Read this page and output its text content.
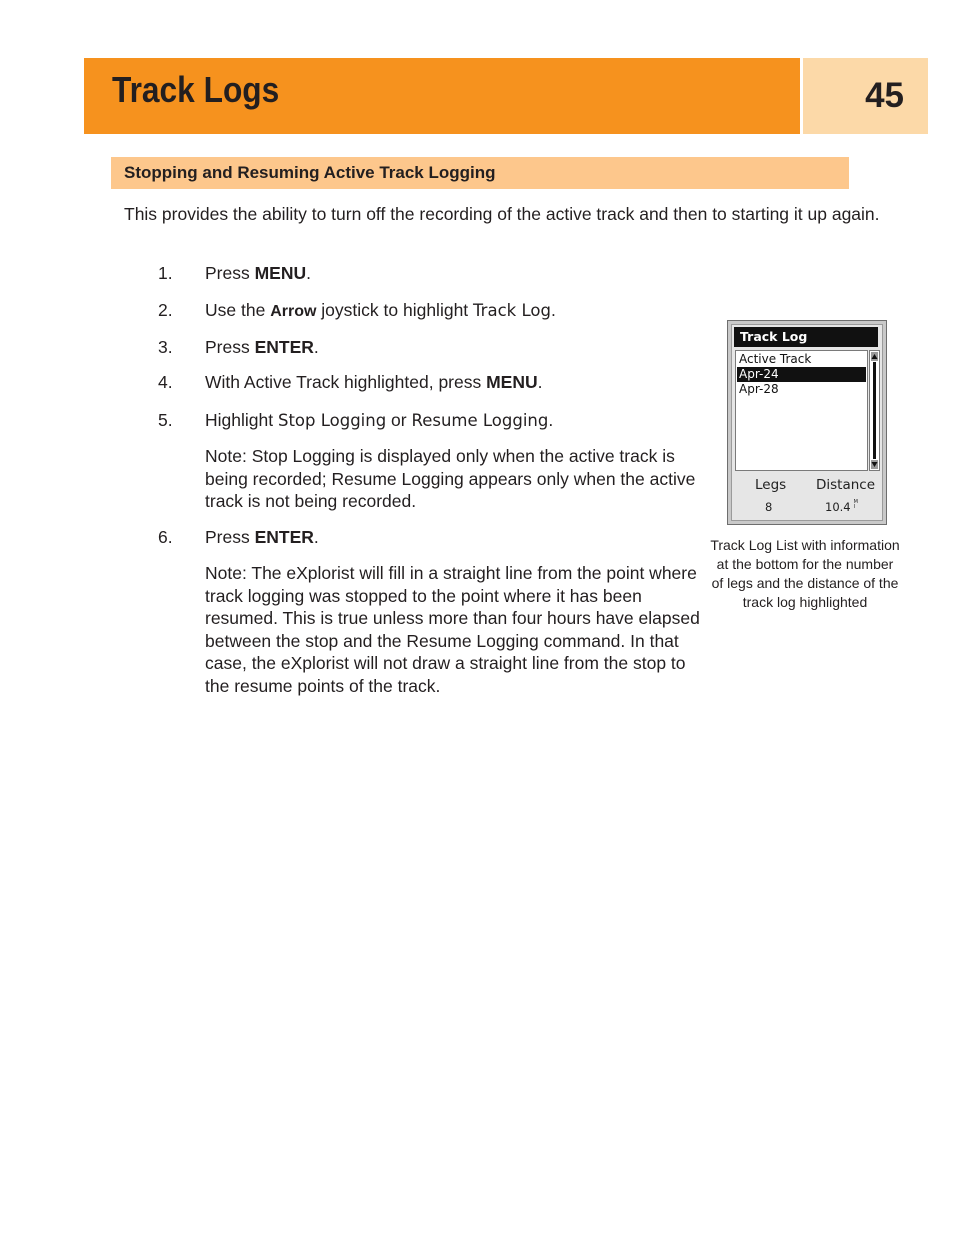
Track Logs	45
Stopping and Resuming Active Track Logging

This provides the ability to turn off the recording of the active track and then to starting it up again.

1. Press MENU.
2. Use the Arrow joystick to highlight Track Log.
3. Press ENTER.
4. With Active Track highlighted, press MENU.
5. Highlight Stop Logging or Resume Logging.

Note: Stop Logging is displayed only when the active track is being recorded; Resume Logging appears only when the active track is not being recorded.

6. Press ENTER.

Note: The eXplorist will fill in a straight line from the point where track logging was stopped to the point where it has been resumed. This is true unless more than four hours have elapsed between the stop and the Resume Logging command. In that case, the eXplorist will not draw a straight line from the stop to the resume points of the track.

Track Log
Active Track
Apr-24
Apr-28
Legs Distance
8	10.4 M
I
Track Log List with information at the bottom for the number of legs and the distance of the track log highlighted
